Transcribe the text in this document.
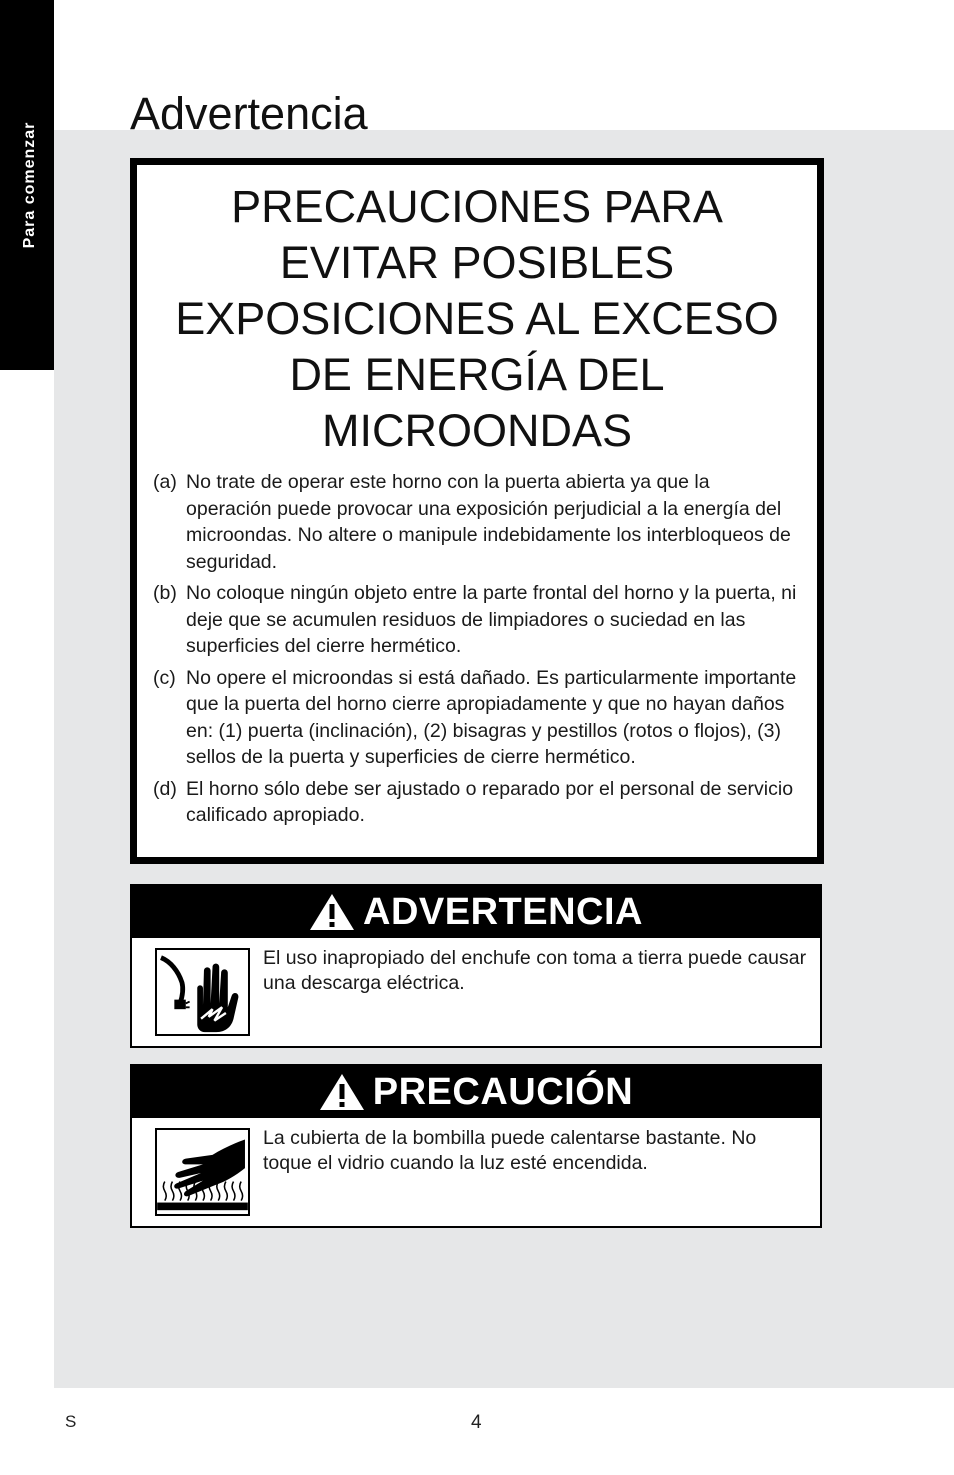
Para comenzar
Advertencia
PRECAUCIONES PARA EVITAR POSIBLES EXPOSICIONES AL EXCESO DE ENERGÍA DEL MICROONDAS
(a) No trate de operar este horno con la puerta abierta ya que la operación puede provocar una exposición perjudicial a la energía del microondas. No altere o manipule indebidamente los interbloqueos de seguridad.
(b) No coloque ningún objeto entre la parte frontal del horno y la puerta, ni deje que se acumulen residuos de limpiadores o suciedad en las superficies del cierre hermético.
(c) No opere el microondas si está dañado. Es particularmente importante que la puerta del horno cierre apropiadamente y que no hayan daños en: (1) puerta (inclinación), (2) bisagras y pestillos (rotos o flojos), (3) sellos de la puerta y superficies de cierre hermético.
(d) El horno sólo debe ser ajustado o reparado por el personal de servicio calificado apropiado.
ADVERTENCIA

El uso inapropiado del enchufe con toma a tierra puede causar una descarga eléctrica.

PRECAUCIÓN

La cubierta de la bombilla puede calentarse bastante. No toque el vidrio cuando la luz esté encendida.

S	4
